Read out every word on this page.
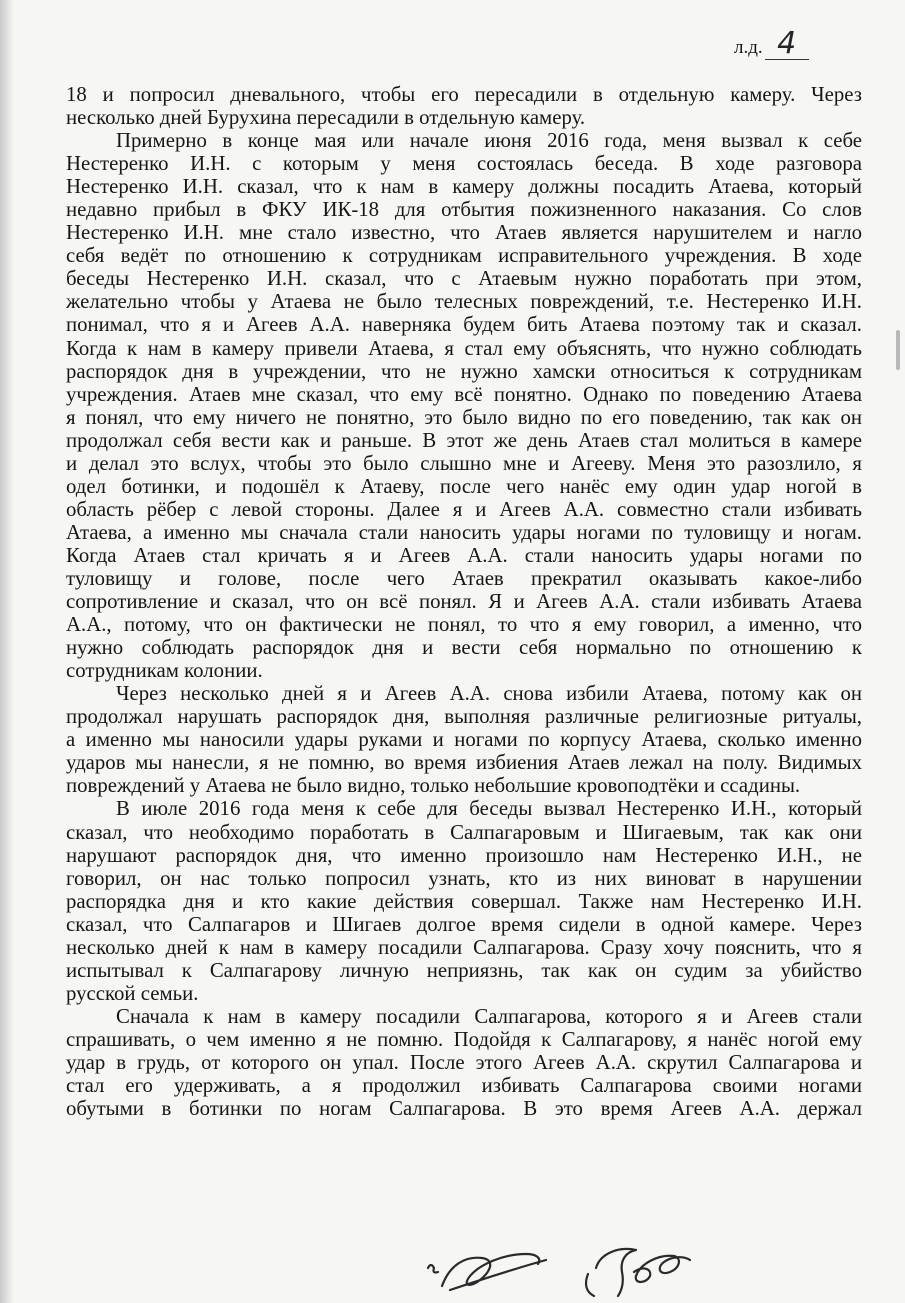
л.д. 4
18 и попросил дневального, чтобы его пересадили в отдельную камеру. Через
несколько дней Бурухина пересадили в отдельную камеру.
Примерно в конце мая или начале июня 2016 года, меня вызвал к себе
Нестеренко И.Н. с которым у меня состоялась беседа. В ходе разговора
Нестеренко И.Н. сказал, что к нам в камеру должны посадить Атаева, который
недавно прибыл в ФКУ ИК-18 для отбытия пожизненного наказания. Со слов
Нестеренко И.Н. мне стало известно, что Атаев является нарушителем и нагло
себя ведёт по отношению к сотрудникам исправительного учреждения. В ходе
беседы Нестеренко И.Н. сказал, что с Атаевым нужно поработать при этом,
желательно чтобы у Атаева не было телесных повреждений, т.е. Нестеренко И.Н.
понимал, что я и Агеев А.А. наверняка будем бить Атаева поэтому так и сказал.
Когда к нам в камеру привели Атаева, я стал ему объяснять, что нужно соблюдать
распорядок дня в учреждении, что не нужно хамски относиться к сотрудникам
учреждения. Атаев мне сказал, что ему всё понятно. Однако по поведению Атаева
я понял, что ему ничего не понятно, это было видно по его поведению, так как он
продолжал себя вести как и раньше. В этот же день Атаев стал молиться в камере
и делал это вслух, чтобы это было слышно мне и Агееву. Меня это разозлило, я
одел ботинки, и подошёл к Атаеву, после чего нанёс ему один удар ногой в
область рёбер с левой стороны. Далее я и Агеев А.А. совместно стали избивать
Атаева, а именно мы сначала стали наносить удары ногами по туловищу и ногам.
Когда Атаев стал кричать я и Агеев А.А. стали наносить удары ногами по
туловищу и голове, после чего Атаев прекратил оказывать какое-либо
сопротивление и сказал, что он всё понял. Я и Агеев А.А. стали избивать Атаева
А.А., потому, что он фактически не понял, то что я ему говорил, а именно, что
нужно соблюдать распорядок дня и вести себя нормально по отношению к
сотрудникам колонии.
Через несколько дней я и Агеев А.А. снова избили Атаева, потому как он
продолжал нарушать распорядок дня, выполняя различные религиозные ритуалы,
а именно мы наносили удары руками и ногами по корпусу Атаева, сколько именно
ударов мы нанесли, я не помню, во время избиения Атаев лежал на полу. Видимых
повреждений у Атаева не было видно, только небольшие кровоподтёки и ссадины.
В июле 2016 года меня к себе для беседы вызвал Нестеренко И.Н., который
сказал, что необходимо поработать в Салпагаровым и Шигаевым, так как они
нарушают распорядок дня, что именно произошло нам Нестеренко И.Н., не
говорил, он нас только попросил узнать, кто из них виноват в нарушении
распорядка дня и кто какие действия совершал. Также нам Нестеренко И.Н.
сказал, что Салпагаров и Шигаев долгое время сидели в одной камере. Через
несколько дней к нам в камеру посадили Салпагарова. Сразу хочу пояснить, что я
испытывал к Салпагарову личную неприязнь, так как он судим за убийство
русской семьи.
Сначала к нам в камеру посадили Салпагарова, которого я и Агеев стали
спрашивать, о чем именно я не помню. Подойдя к Салпагарову, я нанёс ногой ему
удар в грудь, от которого он упал. После этого Агеев А.А. скрутил Салпагарова и
стал его удерживать, а я продолжил избивать Салпагарова своими ногами
обутыми в ботинки по ногам Салпагарова. В это время Агеев А.А. держал
